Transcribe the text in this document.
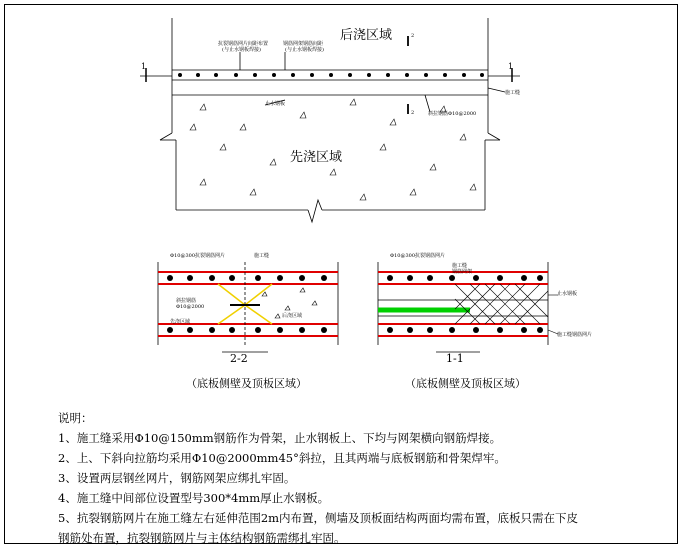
后浇区域
先浇区域
抗裂钢筋网片间距布置
(与止水钢板焊接)
钢筋网架钢筋间距
(与止水钢板焊接)
止水钢板
斜拉钢筋Φ10@2000
施工缝
1	1
2
2
Φ10@300抗裂钢筋网片	施工缝
斜拉钢筋
Φ10@2000
后浇区域
先浇区域
2-2
（底板侧壁及顶板区域）
Φ10@300抗裂钢筋网片
施工缝
钢筋网架
止水钢板
施工缝钢筋网片
1-1
（底板侧壁及顶板区域）
说明：
1、施工缝采用Φ10@150mm钢筋作为骨架，止水钢板上、下均与网架横向钢筋焊接。
2、上、下斜向拉筋均采用Φ10@2000mm45°斜拉，且其两端与底板钢筋和骨架焊牢。
3、设置两层钢丝网片，钢筋网架应绑扎牢固。
4、施工缝中间部位设置型号300*4mm厚止水钢板。
5、抗裂钢筋网片在施工缝左右延伸范围2m内布置，侧墙及顶板面结构两面均需布置，底板只需在下皮
钢筋处布置，抗裂钢筋网片与主体结构钢筋需绑扎牢固。
